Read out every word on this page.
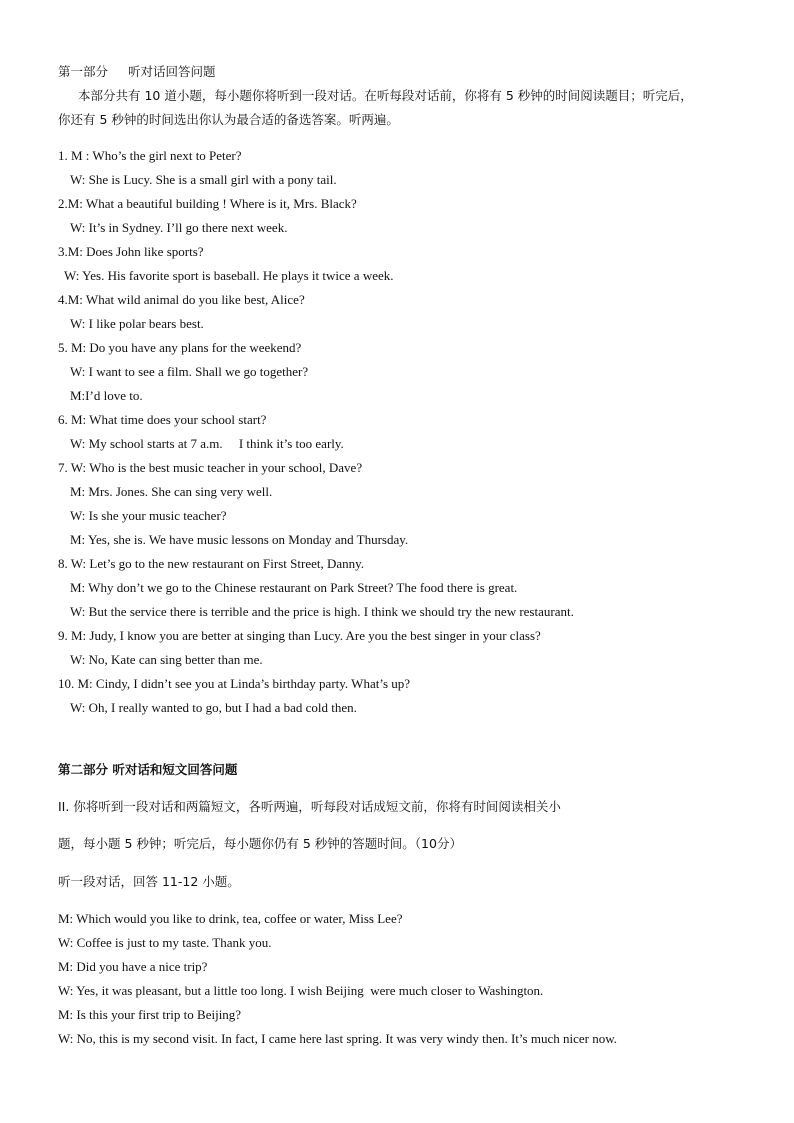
第一部分 听对话回答问题
本部分共有 10 道小题，每小题你将听到一段对话。在听每段对话前，你将有 5 秒钟的时间阅读题目；听完后，
你还有 5 秒钟的时间选出你认为最合适的备选答案。听两遍。
1. M : Who’s the girl next to Peter?
W: She is Lucy. She is a small girl with a pony tail.
2.M: What a beautiful building ! Where is it, Mrs. Black?
W: It’s in Sydney. I’ll go there next week.
3.M: Does John like sports?
W: Yes. His favorite sport is baseball. He plays it twice a week.
4.M: What wild animal do you like best, Alice?
W: I like polar bears best.
5. M: Do you have any plans for the weekend?
W: I want to see a film. Shall we go together?
M:I’d love to.
6. M: What time does your school start?
W: My school starts at 7 a.m.     I think it’s too early.
7. W: Who is the best music teacher in your school, Dave?
M: Mrs. Jones. She can sing very well.
W: Is she your music teacher?
M: Yes, she is. We have music lessons on Monday and Thursday.
8. W: Let’s go to the new restaurant on First Street, Danny.
M: Why don’t we go to the Chinese restaurant on Park Street? The food there is great.
W: But the service there is terrible and the price is high. I think we should try the new restaurant.
9. M: Judy, I know you are better at singing than Lucy. Are you the best singer in your class?
W: No, Kate can sing better than me.
10. M: Cindy, I didn’t see you at Linda’s birthday party. What’s up?
W: Oh, I really wanted to go, but I had a bad cold then.
第二部分 听对话和短文回答问题
II. 你将听到一段对话和两篇短文，各听两遍，听每段对话成短文前，你将有时间阅读相关小
题，每小题 5 秒钟；听完后，每小题你仍有 5 秒钟的答题时间。（10分）
听一段对话，回答 11-12 小题。
M: Which would you like to drink, tea, coffee or water, Miss Lee?
W: Coffee is just to my taste. Thank you.
M: Did you have a nice trip?
W: Yes, it was pleasant, but a little too long. I wish Beijing  were much closer to Washington.
M: Is this your first trip to Beijing?
W: No, this is my second visit. In fact, I came here last spring. It was very windy then. It’s much nicer now.
